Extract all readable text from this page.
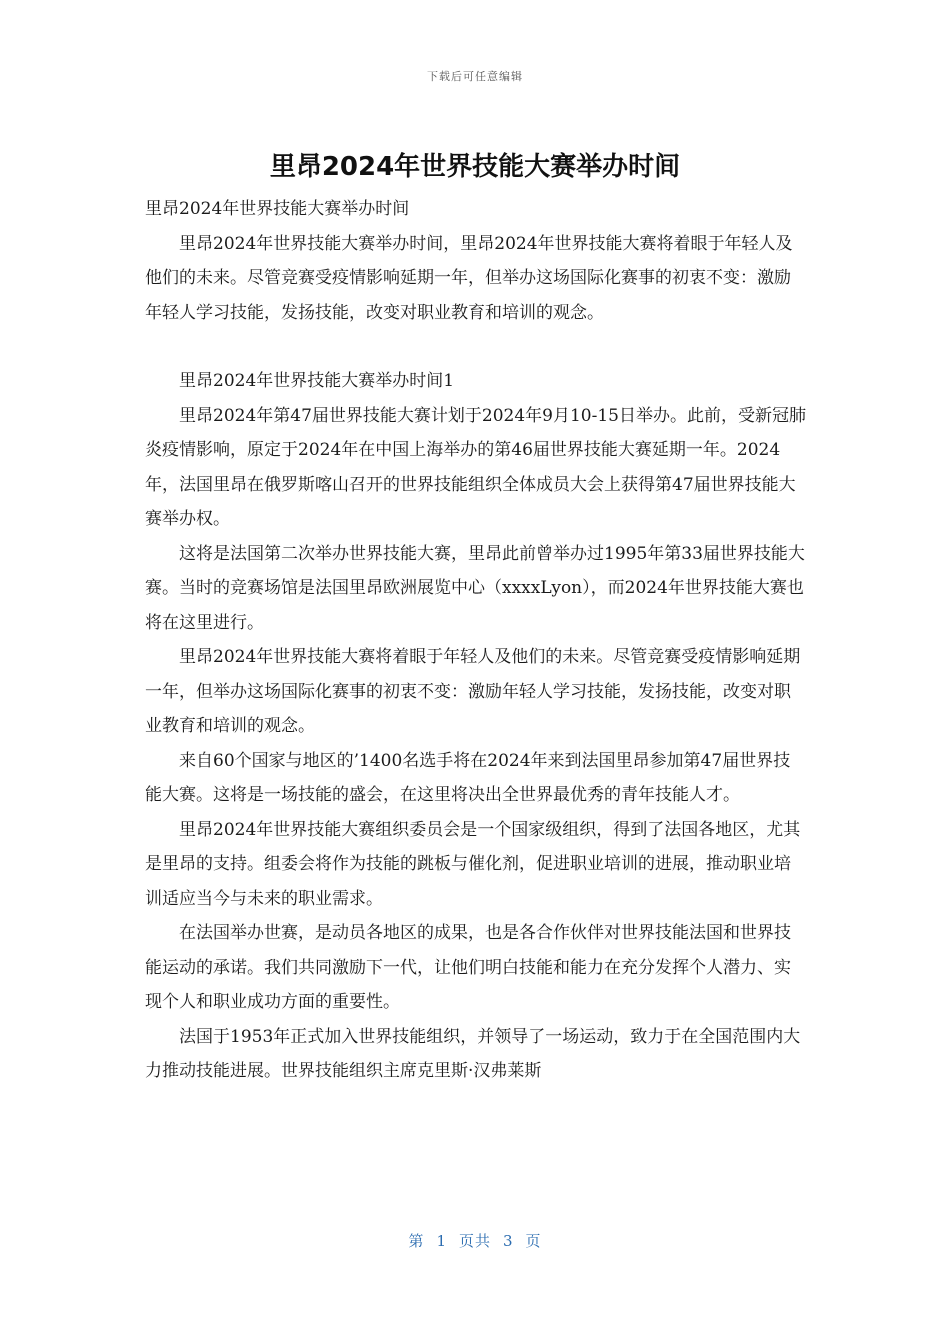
下载后可任意编辑
里昂2024年世界技能大赛举办时间

里昂2024年世界技能大赛举办时间

里昂2024年世界技能大赛举办时间，里昂2024年世界技能大赛将着眼于年轻人及他们的未来。尽管竞赛受疫情影响延期一年，但举办这场国际化赛事的初衷不变：激励年轻人学习技能，发扬技能，改变对职业教育和培训的观念。

里昂2024年世界技能大赛举办时间1

里昂2024年第47届世界技能大赛计划于2024年9月10-15日举办。此前，受新冠肺炎疫情影响，原定于2024年在中国上海举办的第46届世界技能大赛延期一年。2024年，法国里昂在俄罗斯喀山召开的世界技能组织全体成员大会上获得第47届世界技能大赛举办权。

这将是法国第二次举办世界技能大赛，里昂此前曾举办过1995年第33届世界技能大赛。当时的竞赛场馆是法国里昂欧洲展览中心（xxxxLyon），而2024年世界技能大赛也将在这里进行。

里昂2024年世界技能大赛将着眼于年轻人及他们的未来。尽管竞赛受疫情影响延期一年，但举办这场国际化赛事的初衷不变：激励年轻人学习技能，发扬技能，改变对职业教育和培训的观念。

来自60个国家与地区的’1400名选手将在2024年来到法国里昂参加第47届世界技能大赛。这将是一场技能的盛会，在这里将决出全世界最优秀的青年技能人才。

里昂2024年世界技能大赛组织委员会是一个国家级组织，得到了法国各地区，尤其是里昂的支持。组委会将作为技能的跳板与催化剂，促进职业培训的进展，推动职业培训适应当今与未来的职业需求。

在法国举办世赛，是动员各地区的成果，也是各合作伙伴对世界技能法国和世界技能运动的承诺。我们共同激励下一代，让他们明白技能和能力在充分发挥个人潜力、实现个人和职业成功方面的重要性。

法国于1953年正式加入世界技能组织，并领导了一场运动，致力于在全国范围内大力推动技能进展。世界技能组织主席克里斯·汉弗莱斯

第 1 页共 3 页
